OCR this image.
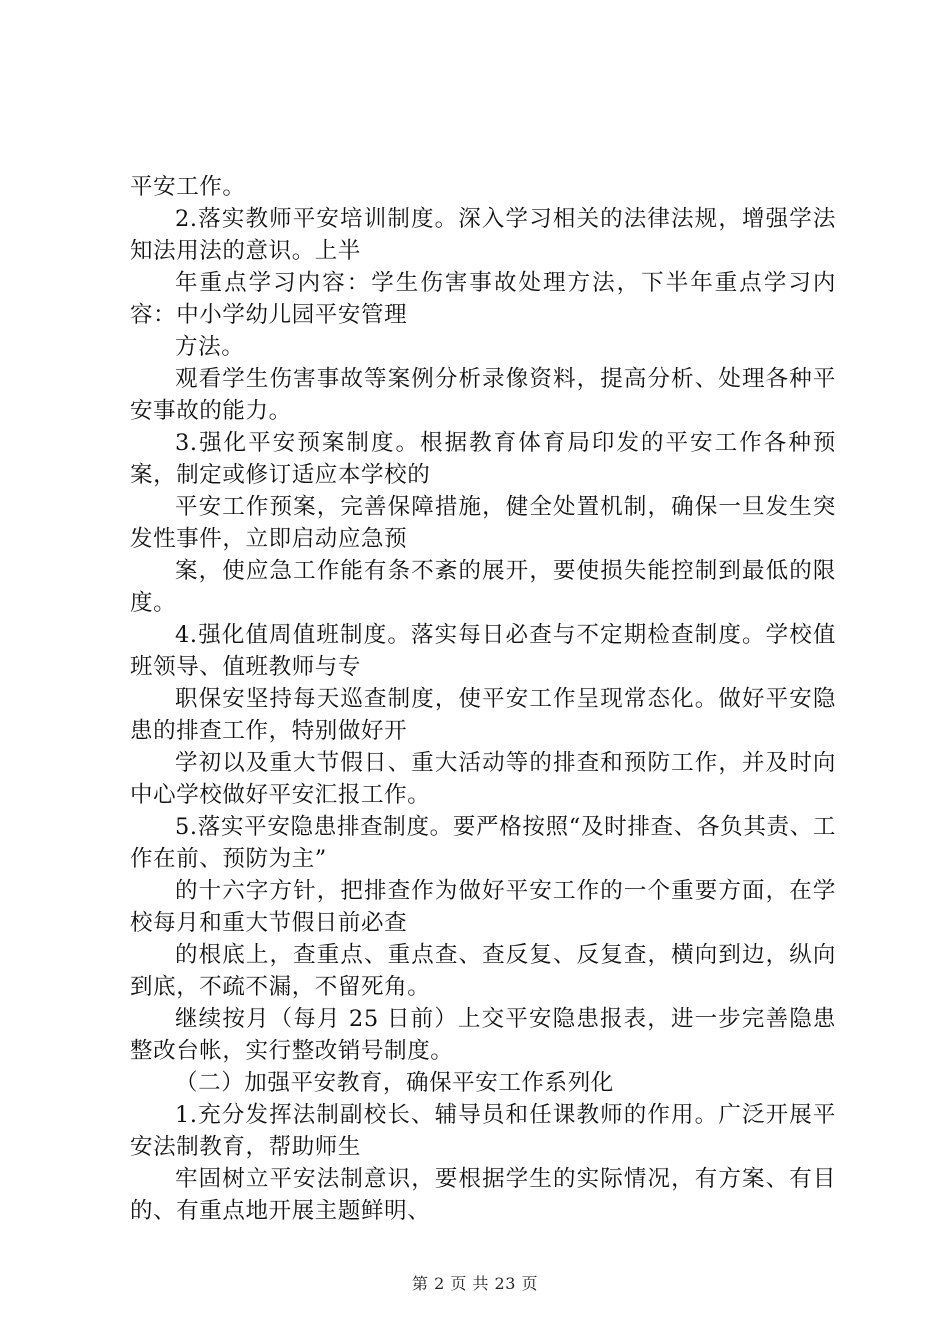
平安工作。

2.落实教师平安培训制度。深入学习相关的法律法规，增强学法知法用法的意识。上半

年重点学习内容：学生伤害事故处理方法，下半年重点学习内容：中小学幼儿园平安管理

方法。

观看学生伤害事故等案例分析录像资料，提高分析、处理各种平安事故的能力。

3.强化平安预案制度。根据教育体育局印发的平安工作各种预案，制定或修订适应本学校的

平安工作预案，完善保障措施，健全处置机制，确保一旦发生突发性事件，立即启动应急预

案，使应急工作能有条不紊的展开，要使损失能控制到最低的限度。

4.强化值周值班制度。落实每日必查与不定期检查制度。学校值班领导、值班教师与专

职保安坚持每天巡查制度，使平安工作呈现常态化。做好平安隐患的排查工作，特别做好开

学初以及重大节假日、重大活动等的排查和预防工作，并及时向中心学校做好平安汇报工作。

5.落实平安隐患排查制度。要严格按照“及时排查、各负其责、工作在前、预防为主”

的十六字方针，把排查作为做好平安工作的一个重要方面，在学校每月和重大节假日前必查

的根底上，查重点、重点查、查反复、反复查，横向到边，纵向到底，不疏不漏，不留死角。

继续按月（每月 25 日前）上交平安隐患报表，进一步完善隐患整改台帐，实行整改销号制度。

（二）加强平安教育，确保平安工作系列化

1.充分发挥法制副校长、辅导员和任课教师的作用。广泛开展平安法制教育，帮助师生

牢固树立平安法制意识，要根据学生的实际情况，有方案、有目的、有重点地开展主题鲜明、

第 2 页 共 23 页
